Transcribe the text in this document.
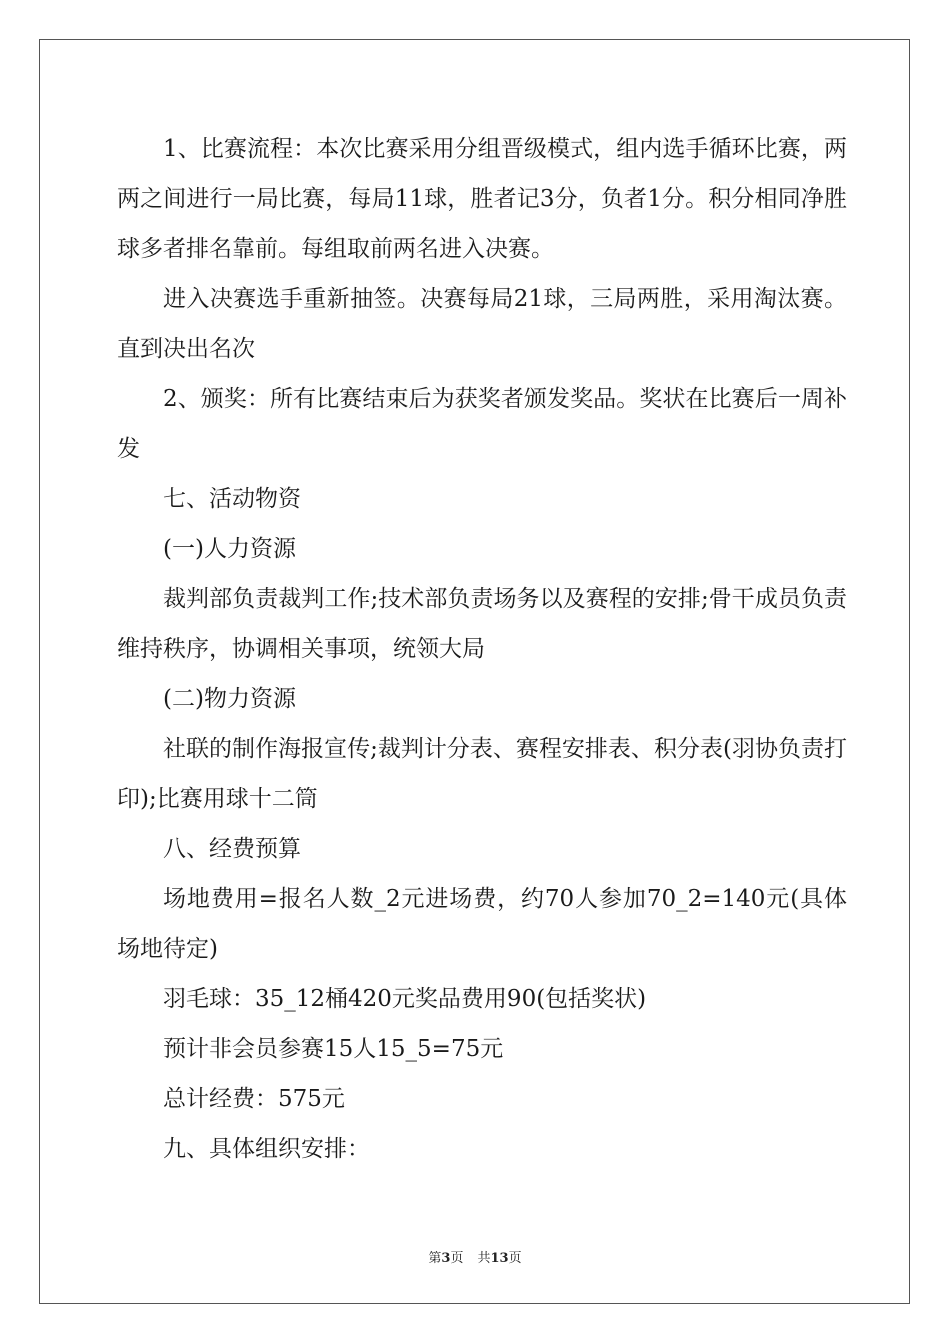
1、比赛流程：本次比赛采用分组晋级模式，组内选手循环比赛，两两之间进行一局比赛，每局11球，胜者记3分，负者1分。积分相同净胜球多者排名靠前。每组取前两名进入决赛。

进入决赛选手重新抽签。决赛每局21球，三局两胜，采用淘汰赛。直到决出名次

2、颁奖：所有比赛结束后为获奖者颁发奖品。奖状在比赛后一周补发

七、活动物资

(一)人力资源

裁判部负责裁判工作;技术部负责场务以及赛程的安排;骨干成员负责维持秩序，协调相关事项，统领大局

(二)物力资源

社联的制作海报宣传;裁判计分表、赛程安排表、积分表(羽协负责打印);比赛用球十二筒

八、经费预算

场地费用=报名人数_2元进场费，约70人参加70_2=140元(具体场地待定)

羽毛球：35_12桶420元奖品费用90(包括奖状)

预计非会员参赛15人15_5=75元

总计经费：575元

九、具体组织安排：

第3页 共13页
